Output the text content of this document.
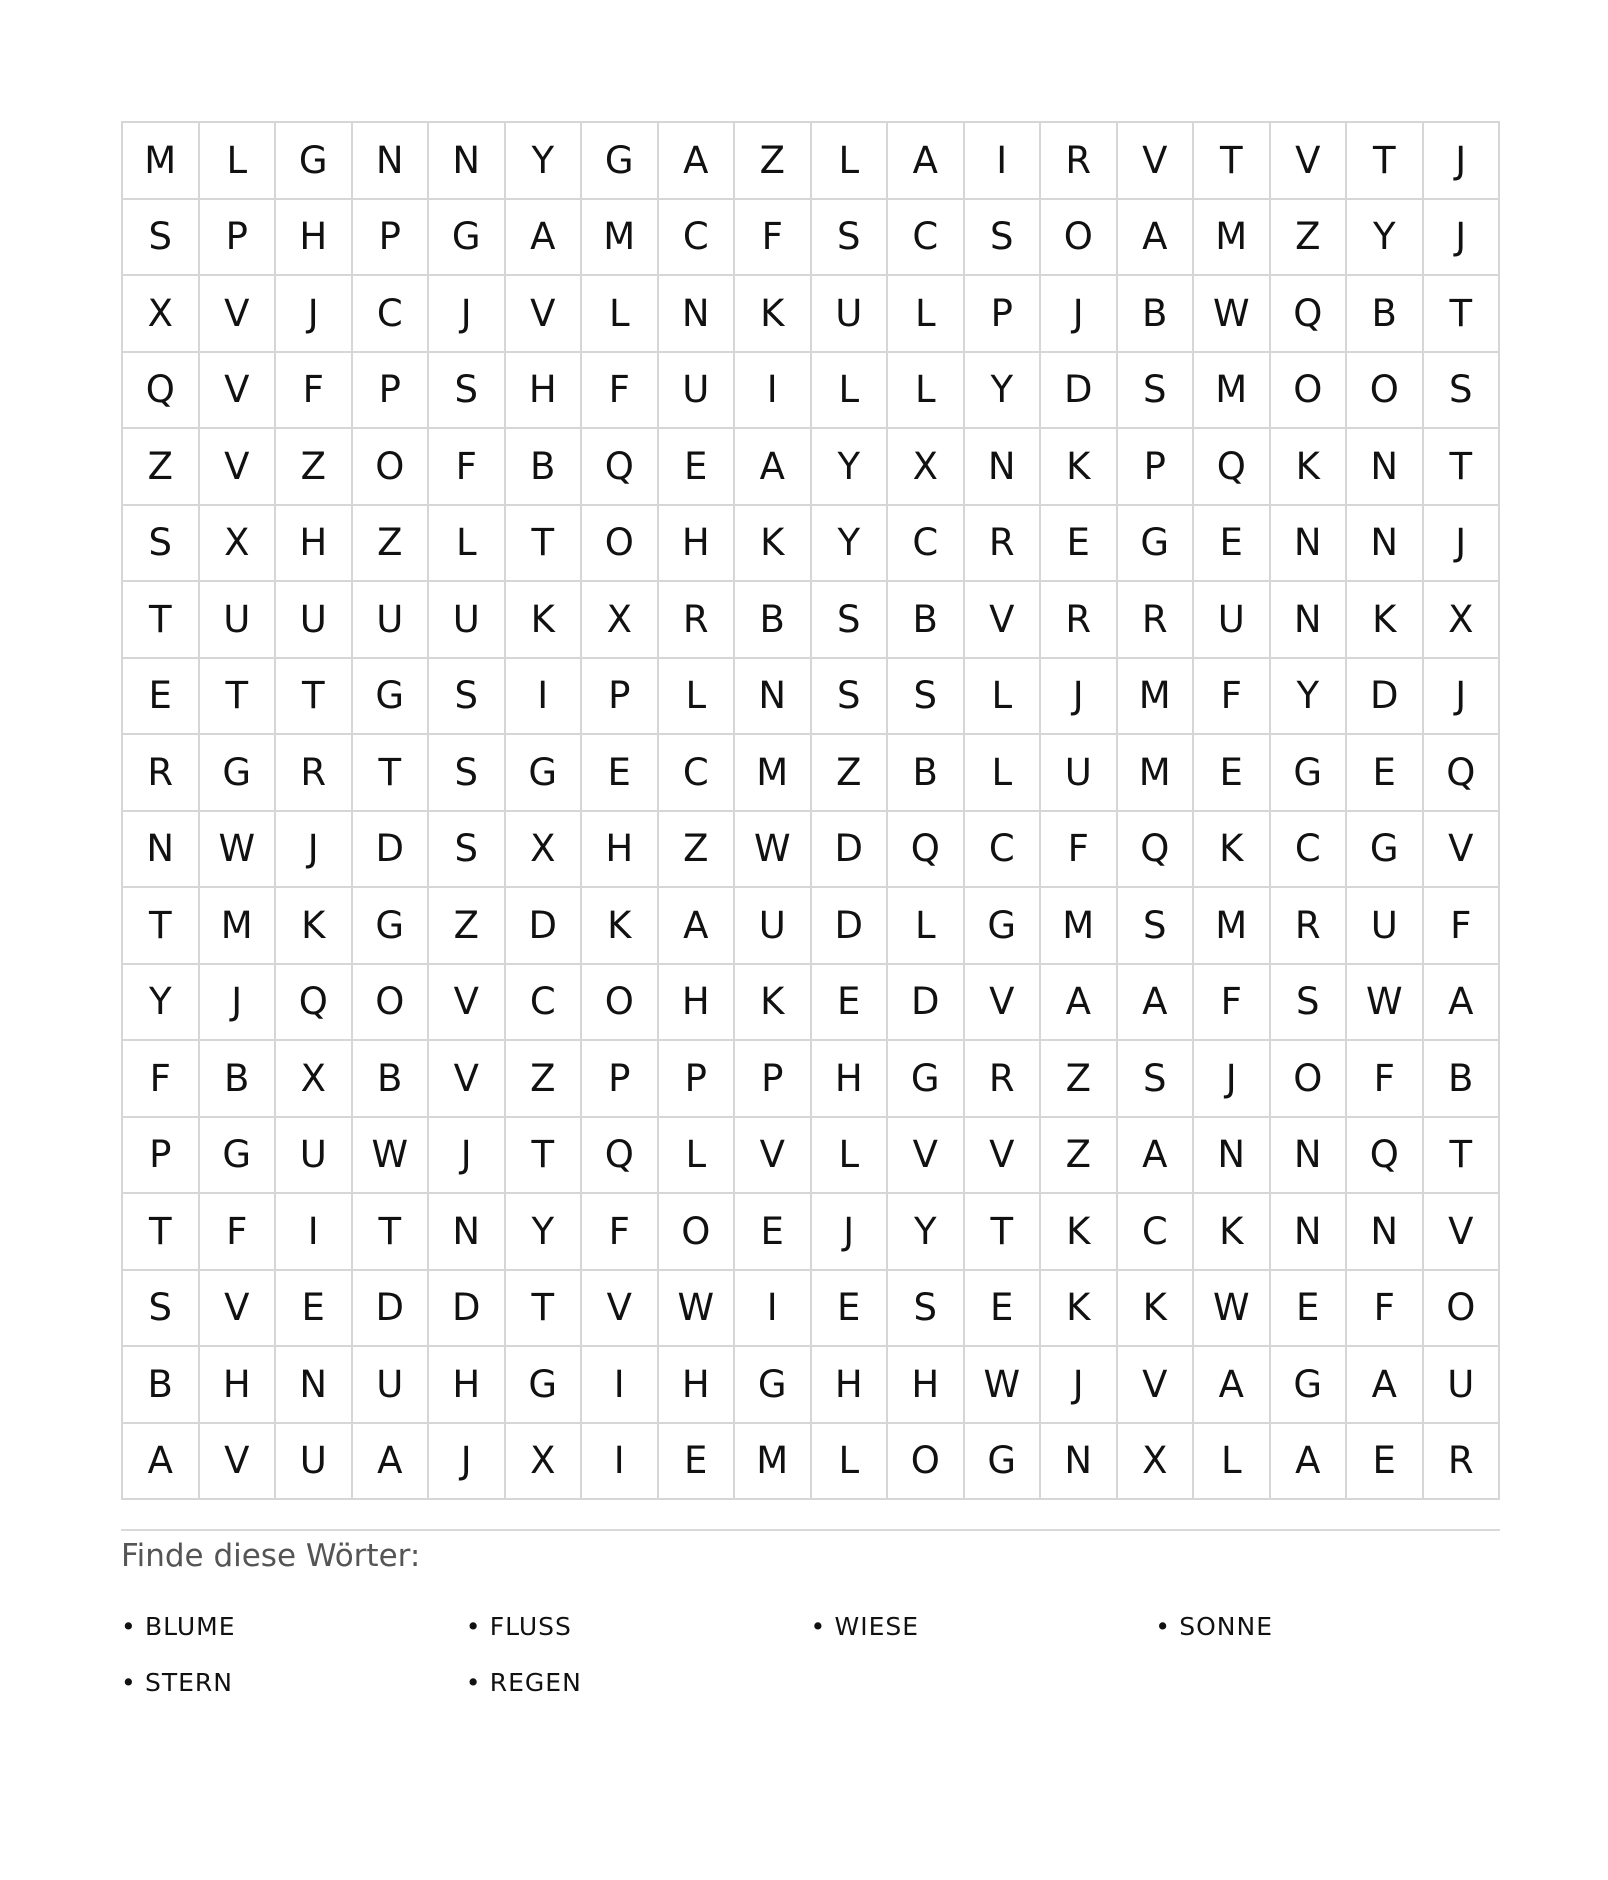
M	L	G	N	N	Y	G	A	Z	L	A	I	R	V	T	V	T	J
S	P	H	P	G	A	M	C	F	S	C	S	O	A	M	Z	Y	J
X	V	J	C	J	V	L	N	K	U	L	P	J	B	W	Q	B	T
Q	V	F	P	S	H	F	U	I	L	L	Y	D	S	M	O	O	S
Z	V	Z	O	F	B	Q	E	A	Y	X	N	K	P	Q	K	N	T
S	X	H	Z	L	T	O	H	K	Y	C	R	E	G	E	N	N	J
T	U	U	U	U	K	X	R	B	S	B	V	R	R	U	N	K	X
E	T	T	G	S	I	P	L	N	S	S	L	J	M	F	Y	D	J
R	G	R	T	S	G	E	C	M	Z	B	L	U	M	E	G	E	Q
N	W	J	D	S	X	H	Z	W	D	Q	C	F	Q	K	C	G	V
T	M	K	G	Z	D	K	A	U	D	L	G	M	S	M	R	U	F
Y	J	Q	O	V	C	O	H	K	E	D	V	A	A	F	S	W	A
F	B	X	B	V	Z	P	P	P	H	G	R	Z	S	J	O	F	B
P	G	U	W	J	T	Q	L	V	L	V	V	Z	A	N	N	Q	T
T	F	I	T	N	Y	F	O	E	J	Y	T	K	C	K	N	N	V
S	V	E	D	D	T	V	W	I	E	S	E	K	K	W	E	F	O
B	H	N	U	H	G	I	H	G	H	H	W	J	V	A	G	A	U
A	V	U	A	J	X	I	E	M	L	O	G	N	X	L	A	E	R
Finde diese Wörter:
• BLUME	• FLUSS	• WIESE	• SONNE
• STERN	• REGEN
